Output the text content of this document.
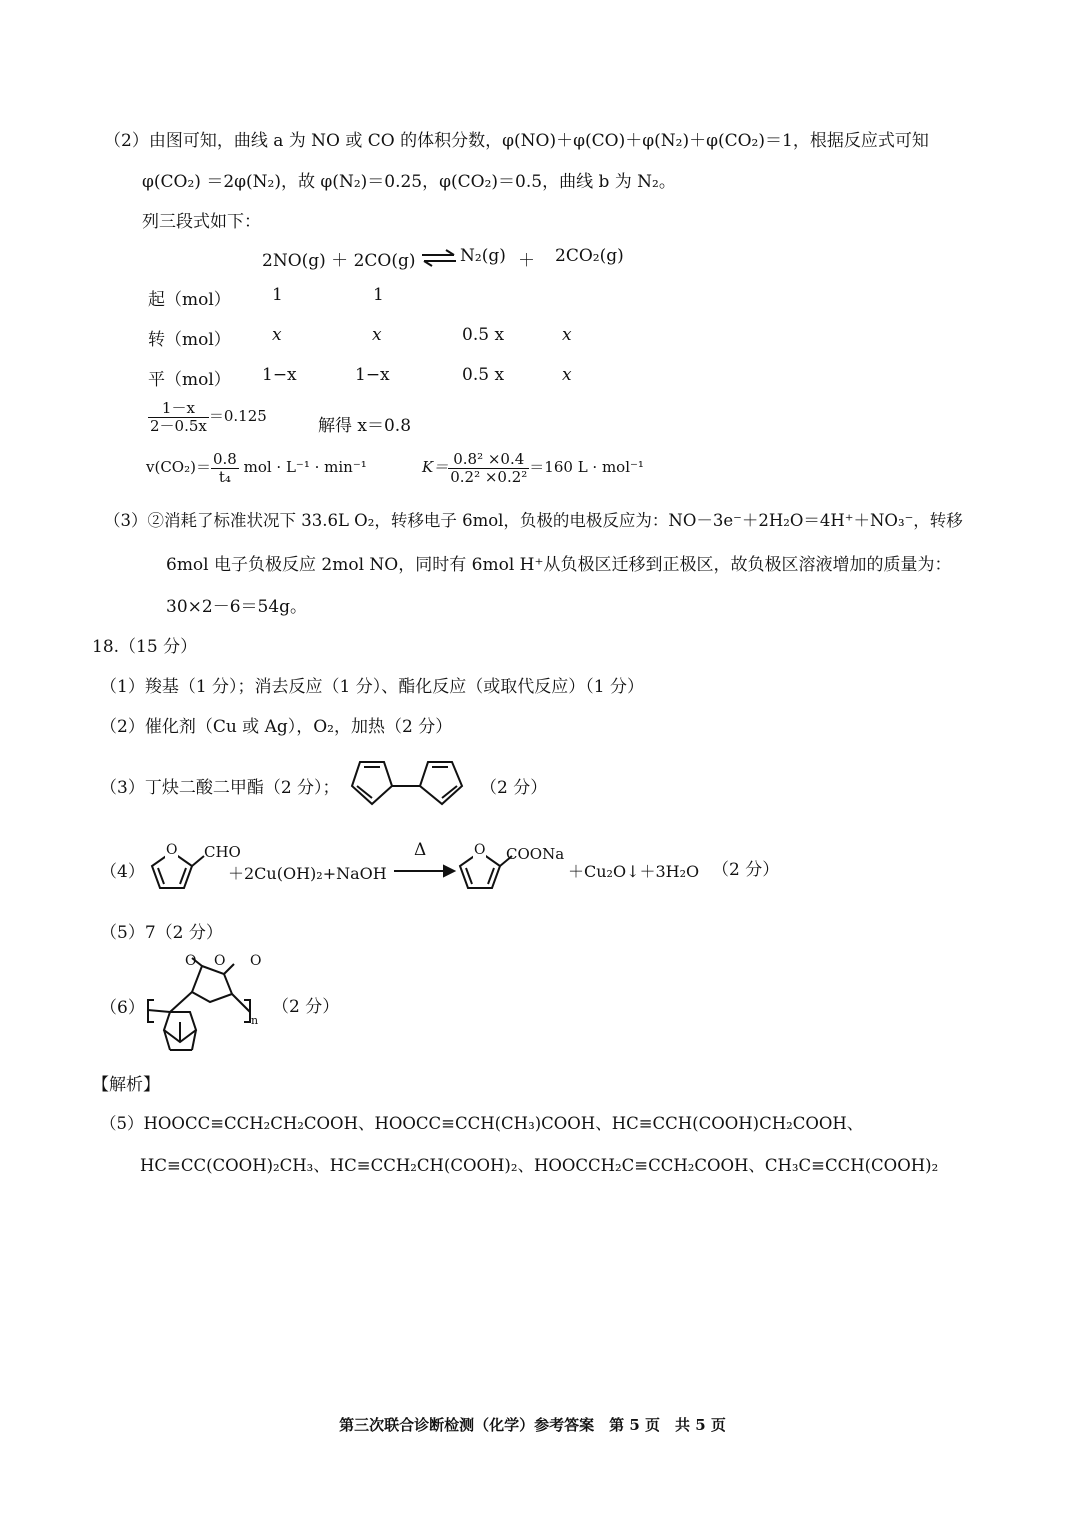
（2）由图可知，曲线 a 为 NO 或 CO 的体积分数，φ(NO)＋φ(CO)＋φ(N₂)＋φ(CO₂)＝1，根据反应式可知
φ(CO₂) ＝2φ(N₂)，故 φ(N₂)＝0.25，φ(CO₂)＝0.5，曲线 b 为 N₂。
列三段式如下：
2NO(g) ＋ 2CO(g) ⇌ N₂(g) ＋ 2CO₂(g)
起（mol） 1	1
转（mol） x	x	0.5 x	x
平（mol） 1−x	1−x	0.5 x	x
$\frac{1-x}{2-0.5x} =0.125$	解得 x＝0.8
$v(CO_2)= \frac{0.8}{\text{t₄}}$ mol · L⁻¹ · min⁻¹	$K= \frac{\text{0.8² ×0.4}}{\text{0.2² ×0.2²}} =160$ L · mol⁻¹
（3）②消耗了标准状况下 33.6L O₂，转移电子 6mol，负极的电极反应为：NO－3e⁻＋2H₂O＝4H⁺＋NO₃⁻，转移
6mol 电子负极反应 2mol NO，同时有 6mol H⁺从负极区迁移到正极区，故负极区溶液增加的质量为：
30×2－6＝54g。
18.（15 分）
（1）羧基（1 分）；消去反应（1 分）、酯化反应（或取代反应）（1 分）
（2）催化剂（Cu 或 Ag），O₂，加热（2 分）
（3）丁炔二酸二甲酯（2 分）；	（2 分）
（4）
O CHO
＋2Cu(OH)₂+NaOH
Δ	O COONa
＋Cu₂O↓＋3H₂O （2 分）
（5）7（2 分）
（6）
O O O
n
（2 分）
【解析】
（5）HOOCC≡CCH₂CH₂COOH、HOOCC≡CCH(CH₃)COOH、HC≡CCH(COOH)CH₂COOH、
HC≡CC(COOH)₂CH₃、HC≡CCH₂CH(COOH)₂、HOOCCH₂C≡CCH₂COOH、CH₃C≡CCH(COOH)₂
第三次联合诊断检测（化学）参考答案　第 5 页　共 5 页
